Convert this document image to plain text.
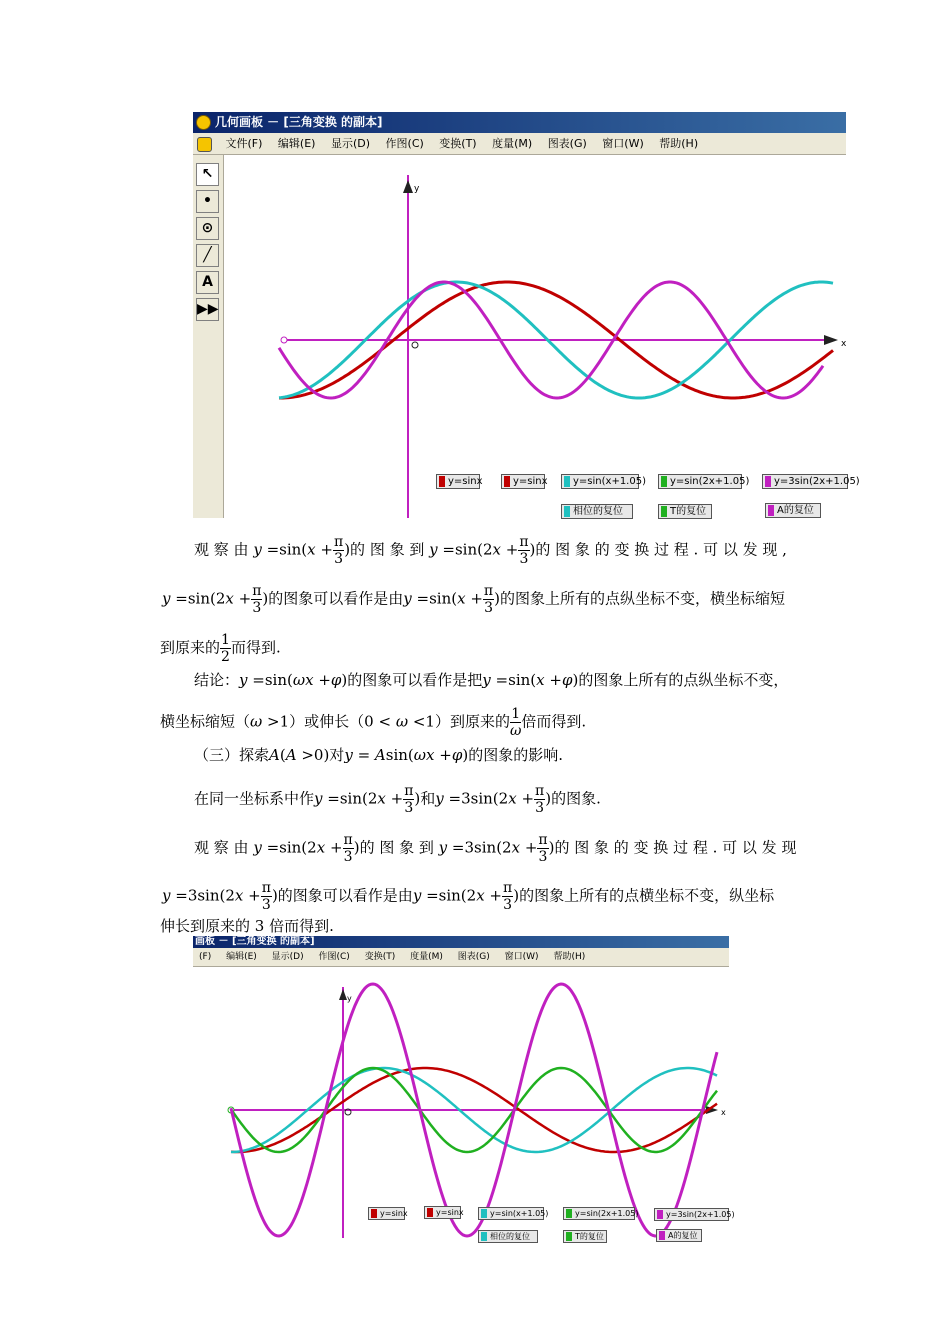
几何画板 － [三角变换 的副本]
文件(F) 编辑(E) 显示(D) 作图(C) 变换(T) 度量(M) 图表(G) 窗口(W) 帮助(H)
↖
•
⊙
╱
A
▶▶
y
x
y=sinx	y=sinx	y=sin(x+1.05)	y=sin(2x+1.05)	y=3sin(2x+1.05)
相位的复位	T的复位	A的复位
观 察 由 $y =\sin(x + \frac{\pi}{3}$ )的 图 象 到 $y =\sin(2x + \frac{\pi}{3}$ )的 图 象 的 变 换 过 程 . 可 以 发 现 ,
$y =\sin(2x + \frac{\pi}{3}$ )的图象可以看作是由$y =\sin(x + \frac{\pi}{3}$ )的图象上所有的点纵坐标不变，横坐标缩短
到原来的 $\frac{1}{2}$ 而得到.
结论：y =sin(ωx +φ)的图象可以看作是把y =sin(x +φ)的图象上所有的点纵坐标不变，
横坐标缩短（ω >1）或伸长（0 < ω <1）到原来的 $\frac{1}{\omega}$ 倍而得到.
（三）探索A(A >0)对y = Asin(ωx +φ)的图象的影响.
在同一坐标系中作$y =\sin(2x + \frac{\pi}{3}$ )和$y =3\sin(2x + \frac{\pi}{3}$ )的图象.
观 察 由 $y =\sin(2x + \frac{\pi}{3}$ )的 图 象 到 $y =3\sin(2x + \frac{\pi}{3}$ )的 图 象 的 变 换 过 程 . 可 以 发 现
$y =3\sin(2x + \frac{\pi}{3}$ )的图象可以看作是由$y =\sin(2x + \frac{\pi}{3}$ )的图象上所有的点横坐标不变，纵坐标
伸长到原来的 3 倍而得到.
画板 － [三角变换 的副本]
(F) 编辑(E) 显示(D) 作图(C) 变换(T) 度量(M) 图表(G) 窗口(W) 帮助(H)
y
x
y=sinx	y=sinx	y=sin(x+1.05)	y=sin(2x+1.05)	y=3sin(2x+1.05)
相位的复位	T的复位	A的复位
